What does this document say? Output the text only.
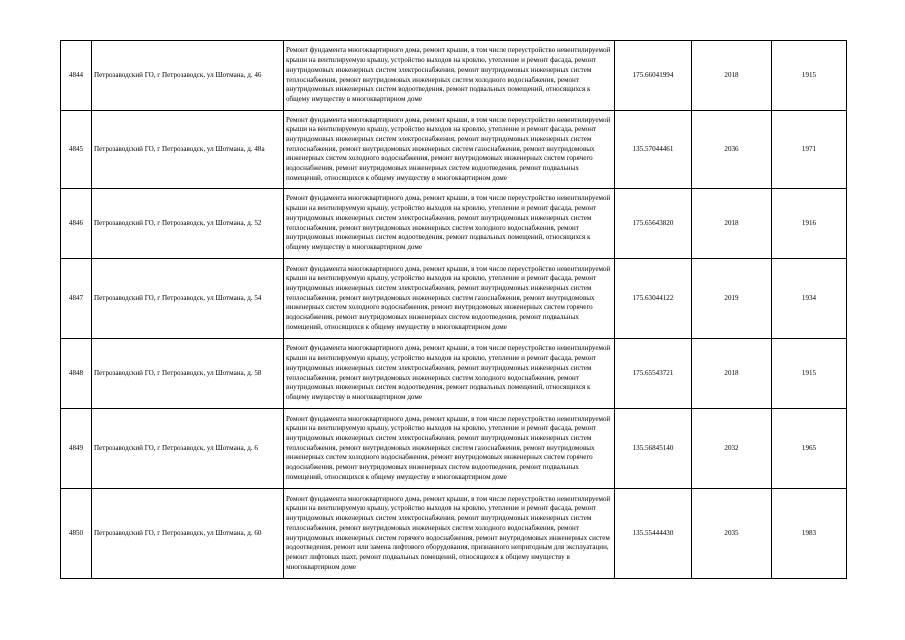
4844	Петрозаводский ГО, г Петрозаводск, ул Шотмана, д. 46	Ремонт фундамента многоквартирного дома, ремонт крыши, в том числе переустройство невентилируемой крыши на вентилируемую крышу, устройство выходов на кровлю, утепление и ремонт фасада, ремонт внутридомовых инженерных систем электроснабжения, ремонт внутридомовых инженерных систем теплоснабжения, ремонт внутридомовых инженерных систем холодного водоснабжения, ремонт внутридомовых инженерных систем водоотведения, ремонт подвальных помещений, относящихся к общему имуществу в многоквартирном доме	175.66041994	2018	1915
4845	Петрозаводский ГО, г Петрозаводск, ул Шотмана, д. 48а	Ремонт фундамента многоквартирного дома, ремонт крыши, в том числе переустройство невентилируемой крыши на вентилируемую крышу, устройство выходов на кровлю, утепление и ремонт фасада, ремонт внутридомовых инженерных систем электроснабжения, ремонт внутридомовых инженерных систем теплоснабжения, ремонт внутридомовых инженерных систем газоснабжения, ремонт внутридомовых инженерных систем холодного водоснабжения, ремонт внутридомовых инженерных систем горячего водоснабжения, ремонт внутридомовых инженерных систем водоотведения, ремонт подвальных помещений, относящихся к общему имуществу в многоквартирном доме	135.57044461	2036	1971
4846	Петрозаводский ГО, г Петрозаводск, ул Шотмана, д. 52	Ремонт фундамента многоквартирного дома, ремонт крыши, в том числе переустройство невентилируемой крыши на вентилируемую крышу, устройство выходов на кровлю, утепление и ремонт фасада, ремонт внутридомовых инженерных систем электроснабжения, ремонт внутридомовых инженерных систем теплоснабжения, ремонт внутридомовых инженерных систем холодного водоснабжения, ремонт внутридомовых инженерных систем водоотведения, ремонт подвальных помещений, относящихся к общему имуществу в многоквартирном доме	175.65643820	2018	1916
4847	Петрозаводский ГО, г Петрозаводск, ул Шотмана, д. 54	Ремонт фундамента многоквартирного дома, ремонт крыши, в том числе переустройство невентилируемой крыши на вентилируемую крышу, устройство выходов на кровлю, утепление и ремонт фасада, ремонт внутридомовых инженерных систем электроснабжения, ремонт внутридомовых инженерных систем теплоснабжения, ремонт внутридомовых инженерных систем газоснабжения, ремонт внутридомовых инженерных систем холодного водоснабжения, ремонт внутридомовых инженерных систем горячего водоснабжения, ремонт внутридомовых инженерных систем водоотведения, ремонт подвальных помещений, относящихся к общему имуществу в многоквартирном доме	175.63044122	2019	1934
4848	Петрозаводский ГО, г Петрозаводск, ул Шотмана, д. 58	Ремонт фундамента многоквартирного дома, ремонт крыши, в том числе переустройство невентилируемой крыши на вентилируемую крышу, устройство выходов на кровлю, утепление и ремонт фасада, ремонт внутридомовых инженерных систем электроснабжения, ремонт внутридомовых инженерных систем теплоснабжения, ремонт внутридомовых инженерных систем холодного водоснабжения, ремонт внутридомовых инженерных систем водоотведения, ремонт подвальных помещений, относящихся к общему имуществу в многоквартирном доме	175.65543721	2018	1915
4849	Петрозаводский ГО, г Петрозаводск, ул Шотмана, д. 6	Ремонт фундамента многоквартирного дома, ремонт крыши, в том числе переустройство невентилируемой крыши на вентилируемую крышу, устройство выходов на кровлю, утепление и ремонт фасада, ремонт внутридомовых инженерных систем электроснабжения, ремонт внутридомовых инженерных систем теплоснабжения, ремонт внутридомовых инженерных систем газоснабжения, ремонт внутридомовых инженерных систем холодного водоснабжения, ремонт внутридомовых инженерных систем горячего водоснабжения, ремонт внутридомовых инженерных систем водоотведения, ремонт подвальных помещений, относящихся к общему имуществу в многоквартирном доме	135.56845140	2032	1965
4850	Петрозаводский ГО, г Петрозаводск, ул Шотмана, д. 60	Ремонт фундамента многоквартирного дома, ремонт крыши, в том числе переустройство невентилируемой крыши на вентилируемую крышу, устройство выходов на кровлю, утепление и ремонт фасада, ремонт внутридомовых инженерных систем электроснабжения, ремонт внутридомовых инженерных систем теплоснабжения, ремонт внутридомовых инженерных систем холодного водоснабжения, ремонт внутридомовых инженерных систем горячего водоснабжения, ремонт внутридомовых инженерных систем водоотведения, ремонт или замена лифтового оборудования, признанного непригодным для эксплуатации, ремонт лифтовых шахт, ремонт подвальных помещений, относящихся к общему имуществу в многоквартирном доме	135.55444430	2035	1983
